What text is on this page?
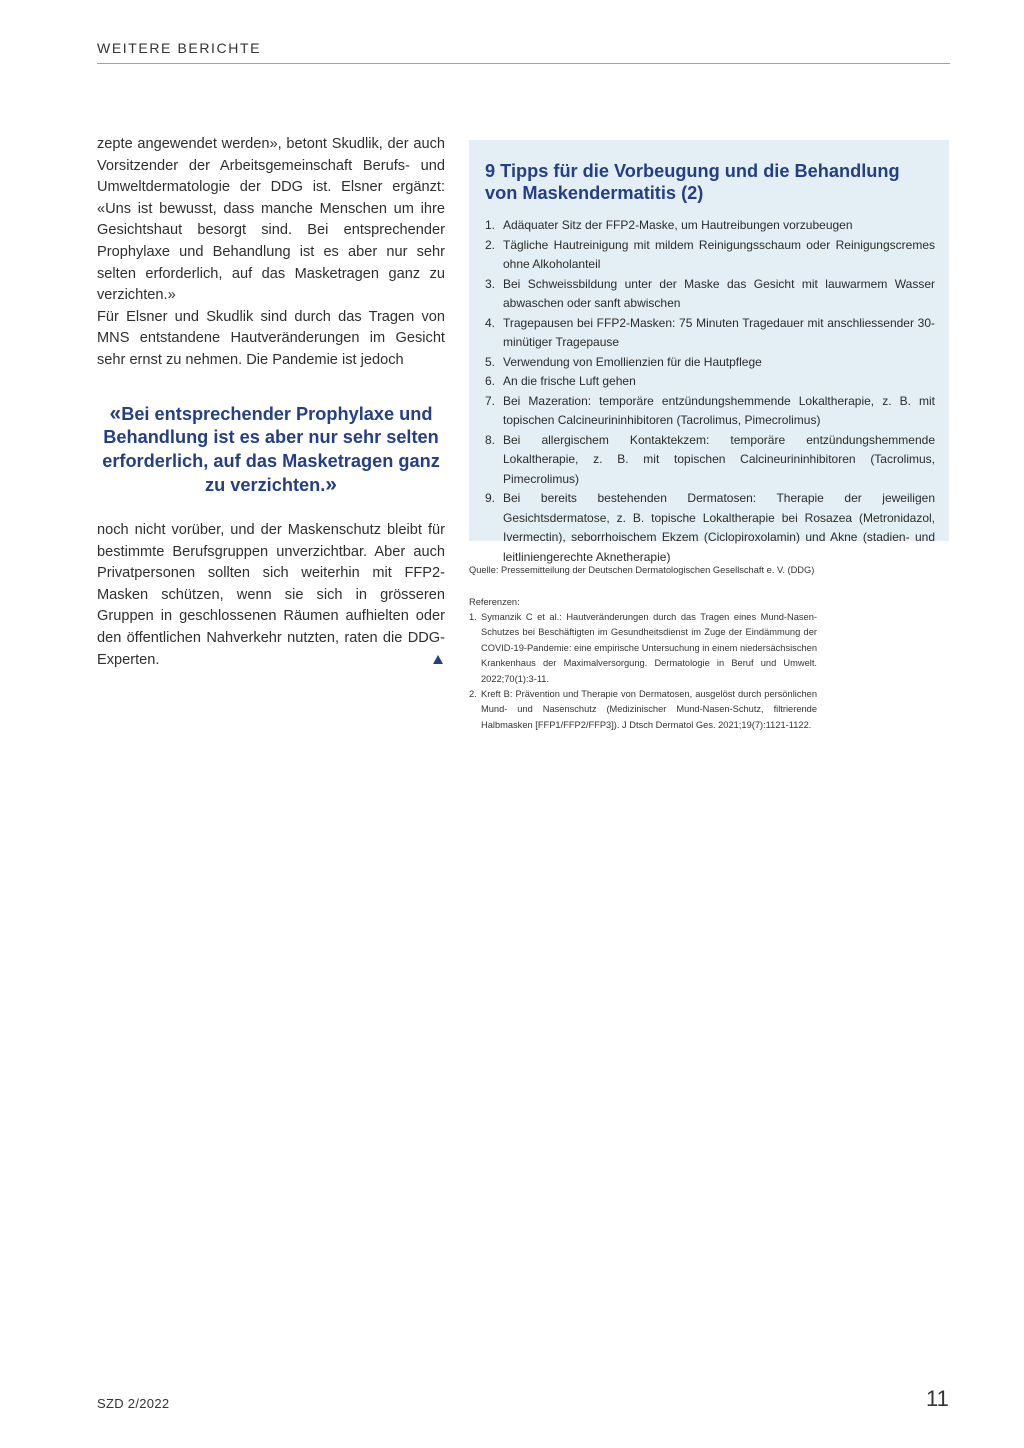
WEITERE BERICHTE

zepte angewendet werden», betont Skudlik, der auch Vorsitzender der Arbeitsgemeinschaft Berufs- und Umweltdermatologie der DDG ist. Elsner ergänzt: «Uns ist bewusst, dass manche Menschen um ihre Gesichtshaut besorgt sind. Bei entsprechender Prophylaxe und Behandlung ist es aber nur sehr selten erforderlich, auf das Masketragen ganz zu verzichten.»

Für Elsner und Skudlik sind durch das Tragen von MNS entstandene Hautveränderungen im Gesicht sehr ernst zu nehmen. Die Pandemie ist jedoch

«Bei entsprechender Prophylaxe und Behandlung ist es aber nur sehr selten erforderlich, auf das Masketragen ganz zu verzichten.»

noch nicht vorüber, und der Maskenschutz bleibt für bestimmte Berufsgruppen unverzichtbar. Aber auch Privatpersonen sollten sich weiterhin mit FFP2-Masken schützen, wenn sie sich in grösseren Gruppen in geschlossenen Räumen aufhielten oder den öffentlichen Nahverkehr nutzten, raten die DDG-Experten.

9 Tipps für die Vorbeugung und die Behandlung von Maskendermatitis (2)
1. Adäquater Sitz der FFP2-Maske, um Hautreibungen vorzubeugen
2. Tägliche Hautreinigung mit mildem Reinigungsschaum oder Reinigungscremes ohne Alkoholanteil
3. Bei Schweissbildung unter der Maske das Gesicht mit lauwarmem Wasser abwaschen oder sanft abwischen
4. Tragepausen bei FFP2-Masken: 75 Minuten Tragedauer mit anschliessender 30-minütiger Tragepause
5. Verwendung von Emollienzien für die Hautpflege
6. An die frische Luft gehen
7. Bei Mazeration: temporäre entzündungshemmende Lokaltherapie, z. B. mit topischen Calcineurininhibitoren (Tacrolimus, Pimecrolimus)
8. Bei allergischem Kontaktekzem: temporäre entzündungshemmende Lokaltherapie, z. B. mit topischen Calcineurininhibitoren (Tacrolimus, Pimecrolimus)
9. Bei bereits bestehenden Dermatosen: Therapie der jeweiligen Gesichtsdermatose, z. B. topische Lokaltherapie bei Rosazea (Metronidazol, Ivermectin), seborrhoischem Ekzem (Ciclopiroxolamin) und Akne (stadien- und leitliniengerechte Aknetherapie)
Quelle: Pressemitteilung der Deutschen Dermatologischen Gesellschaft e. V. (DDG)
Referenzen:
1. Symanzik C et al.: Hautveränderungen durch das Tragen eines Mund-Nasen-Schutzes bei Beschäftigten im Gesundheitsdienst im Zuge der Eindämmung der COVID-19-Pandemie: eine empirische Untersuchung in einem niedersächsischen Krankenhaus der Maximalversorgung. Dermatologie in Beruf und Umwelt. 2022;70(1):3-11.
2. Kreft B: Prävention und Therapie von Dermatosen, ausgelöst durch persönlichen Mund- und Nasenschutz (Medizinischer Mund-Nasen-Schutz, filtrierende Halbmasken [FFP1/FFP2/FFP3]). J Dtsch Dermatol Ges. 2021;19(7):1121-1122.
SZD 2/2022	11
